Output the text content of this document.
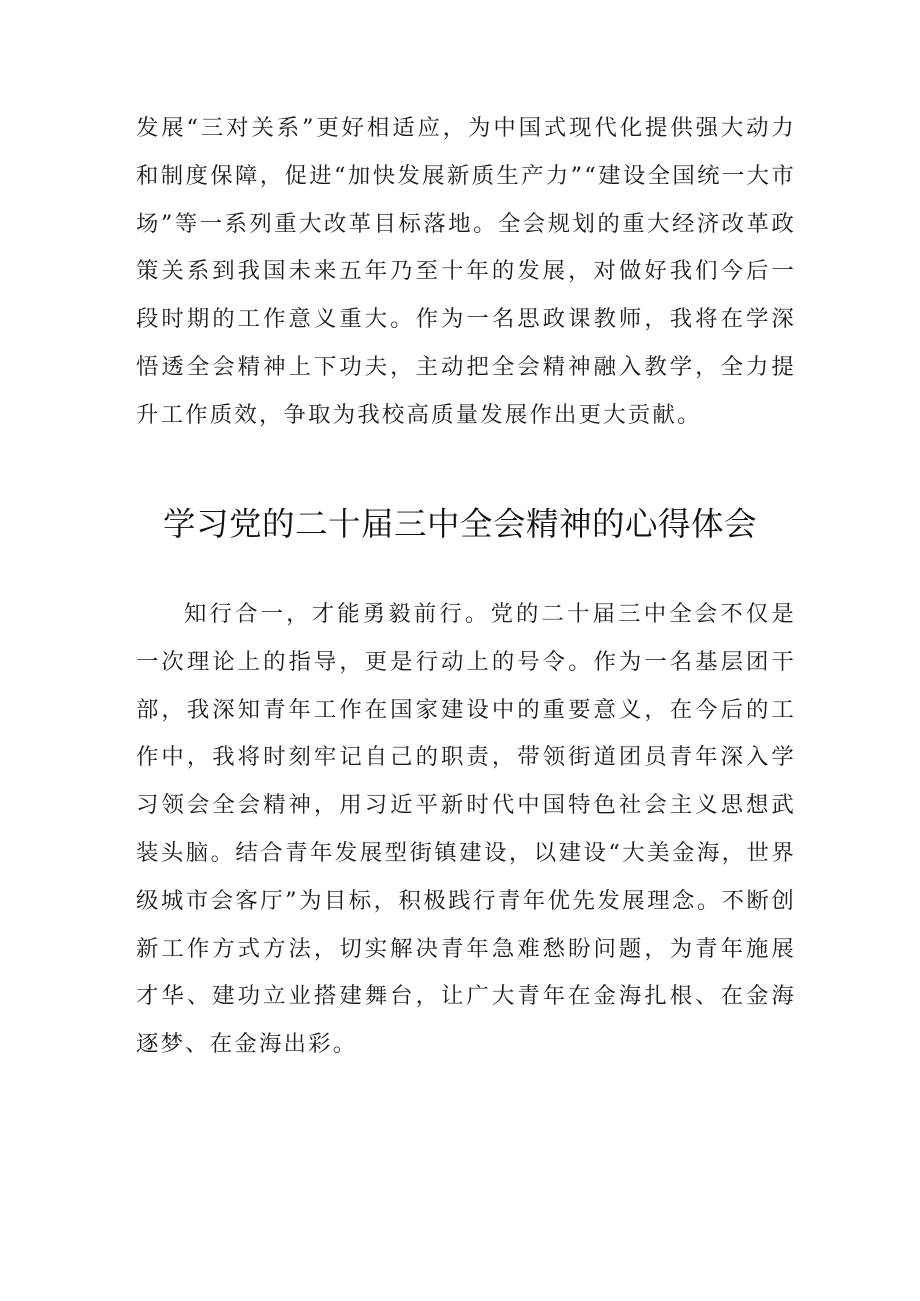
发展“三对关系”更好相适应，为中国式现代化提供强大动力和制度保障，促进“加快发展新质生产力”“建设全国统一大市场”等一系列重大改革目标落地。全会规划的重大经济改革政策关系到我国未来五年乃至十年的发展，对做好我们今后一段时期的工作意义重大。作为一名思政课教师，我将在学深悟透全会精神上下功夫，主动把全会精神融入教学，全力提升工作质效，争取为我校高质量发展作出更大贡献。

学习党的二十届三中全会精神的心得体会

知行合一，才能勇毅前行。党的二十届三中全会不仅是一次理论上的指导，更是行动上的号令。作为一名基层团干部，我深知青年工作在国家建设中的重要意义，在今后的工作中，我将时刻牢记自己的职责，带领街道团员青年深入学习领会全会精神，用习近平新时代中国特色社会主义思想武装头脑。结合青年发展型街镇建设，以建设“大美金海，世界级城市会客厅”为目标，积极践行青年优先发展理念。不断创新工作方式方法，切实解决青年急难愁盼问题，为青年施展才华、建功立业搭建舞台，让广大青年在金海扎根、在金海逐梦、在金海出彩。
